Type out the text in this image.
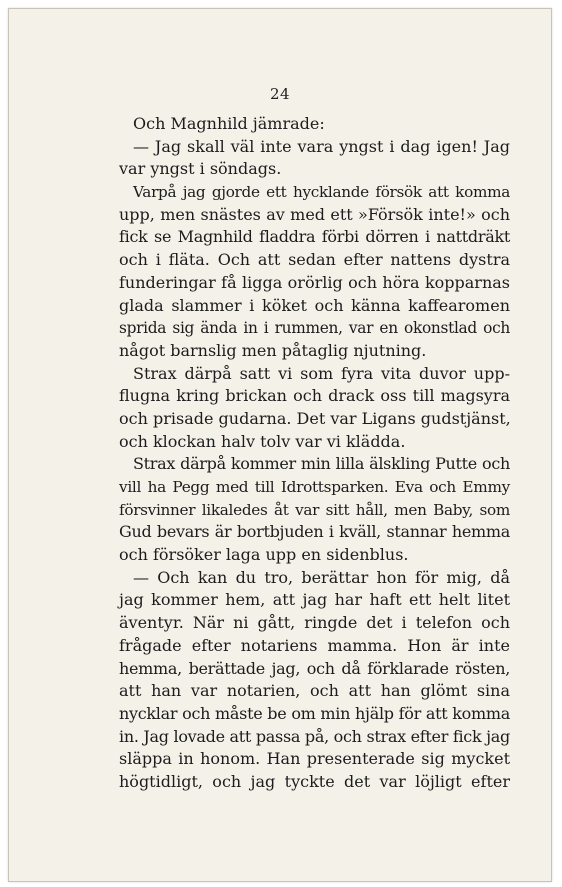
24
Och Magnhild jämrade:
— Jag skall väl inte vara yngst i dag igen! Jag
var yngst i söndags.
Varpå jag gjorde ett hycklande försök att komma
upp, men snästes av med ett »Försök inte!» och
fick se Magnhild fladdra förbi dörren i nattdräkt
och i fläta. Och att sedan efter nattens dystra
funderingar få ligga orörlig och höra kopparnas
glada slammer i köket och känna kaffearomen
sprida sig ända in i rummen, var en okonstlad och
något barnslig men påtaglig njutning.
Strax därpå satt vi som fyra vita duvor upp-
flugna kring brickan och drack oss till magsyra
och prisade gudarna. Det var Ligans gudstjänst,
och klockan halv tolv var vi klädda.
Strax därpå kommer min lilla älskling Putte och
vill ha Pegg med till Idrottsparken. Eva och Emmy
försvinner likaledes åt var sitt håll, men Baby, som
Gud bevars är bortbjuden i kväll, stannar hemma
och försöker laga upp en sidenblus.
— Och kan du tro, berättar hon för mig, då
jag kommer hem, att jag har haft ett helt litet
äventyr. När ni gått, ringde det i telefon och
frågade efter notariens mamma. Hon är inte
hemma, berättade jag, och då förklarade rösten,
att han var notarien, och att han glömt sina
nycklar och måste be om min hjälp för att komma
in. Jag lovade att passa på, och strax efter fick jag
släppa in honom. Han presenterade sig mycket
högtidligt, och jag tyckte det var löjligt efter
